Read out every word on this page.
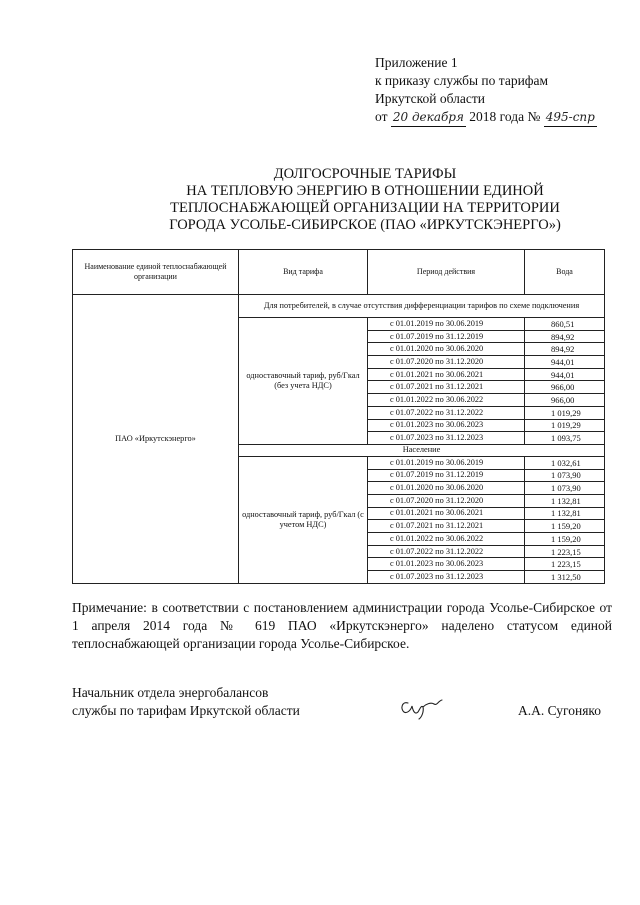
Приложение 1
к приказу службы по тарифам
Иркутской области
от 20 декабря 2018 года № 495-спр
ДОЛГОСРОЧНЫЕ ТАРИФЫ
НА ТЕПЛОВУЮ ЭНЕРГИЮ В ОТНОШЕНИИ ЕДИНОЙ
ТЕПЛОСНАБЖАЮЩЕЙ ОРГАНИЗАЦИИ НА ТЕРРИТОРИИ
ГОРОДА УСОЛЬЕ-СИБИРСКОЕ (ПАО «ИРКУТСКЭНЕРГО»)
Наименование единой теплоснабжающей организации	Вид тарифа	Период действия	Вода
ПАО «Иркутскэнерго»	Для потребителей, в случае отсутствия дифференциации тарифов по схеме подключения		
	одноставочный тариф, руб/Гкал (без учета НДС)	с 01.01.2019 по 30.06.2019	860,51
		с 01.07.2019 по 31.12.2019	894,92
		с 01.01.2020 по 30.06.2020	894,92
		с 01.07.2020 по 31.12.2020	944,01
		с 01.01.2021 по 30.06.2021	944,01
		с 01.07.2021 по 31.12.2021	966,00
		с 01.01.2022 по 30.06.2022	966,00
		с 01.07.2022 по 31.12.2022	1 019,29
		с 01.01.2023 по 30.06.2023	1 019,29
		с 01.07.2023 по 31.12.2023	1 093,75
	Население		
	одноставочный тариф, руб/Гкал (с учетом НДС)	с 01.01.2019 по 30.06.2019	1 032,61
		с 01.07.2019 по 31.12.2019	1 073,90
		с 01.01.2020 по 30.06.2020	1 073,90
		с 01.07.2020 по 31.12.2020	1 132,81
		с 01.01.2021 по 30.06.2021	1 132,81
		с 01.07.2021 по 31.12.2021	1 159,20
		с 01.01.2022 по 30.06.2022	1 159,20
		с 01.07.2022 по 31.12.2022	1 223,15
		с 01.01.2023 по 30.06.2023	1 223,15
		с 01.07.2023 по 31.12.2023	1 312,50
Примечание: в соответствии с постановлением администрации города Усолье-Сибирское от 1 апреля 2014 года № 619 ПАО «Иркутскэнерго» наделено статусом единой теплоснабжающей организации города Усолье-Сибирское.
Начальник отдела энергобалансов
службы по тарифам Иркутской области	А.А. Сугоняко
